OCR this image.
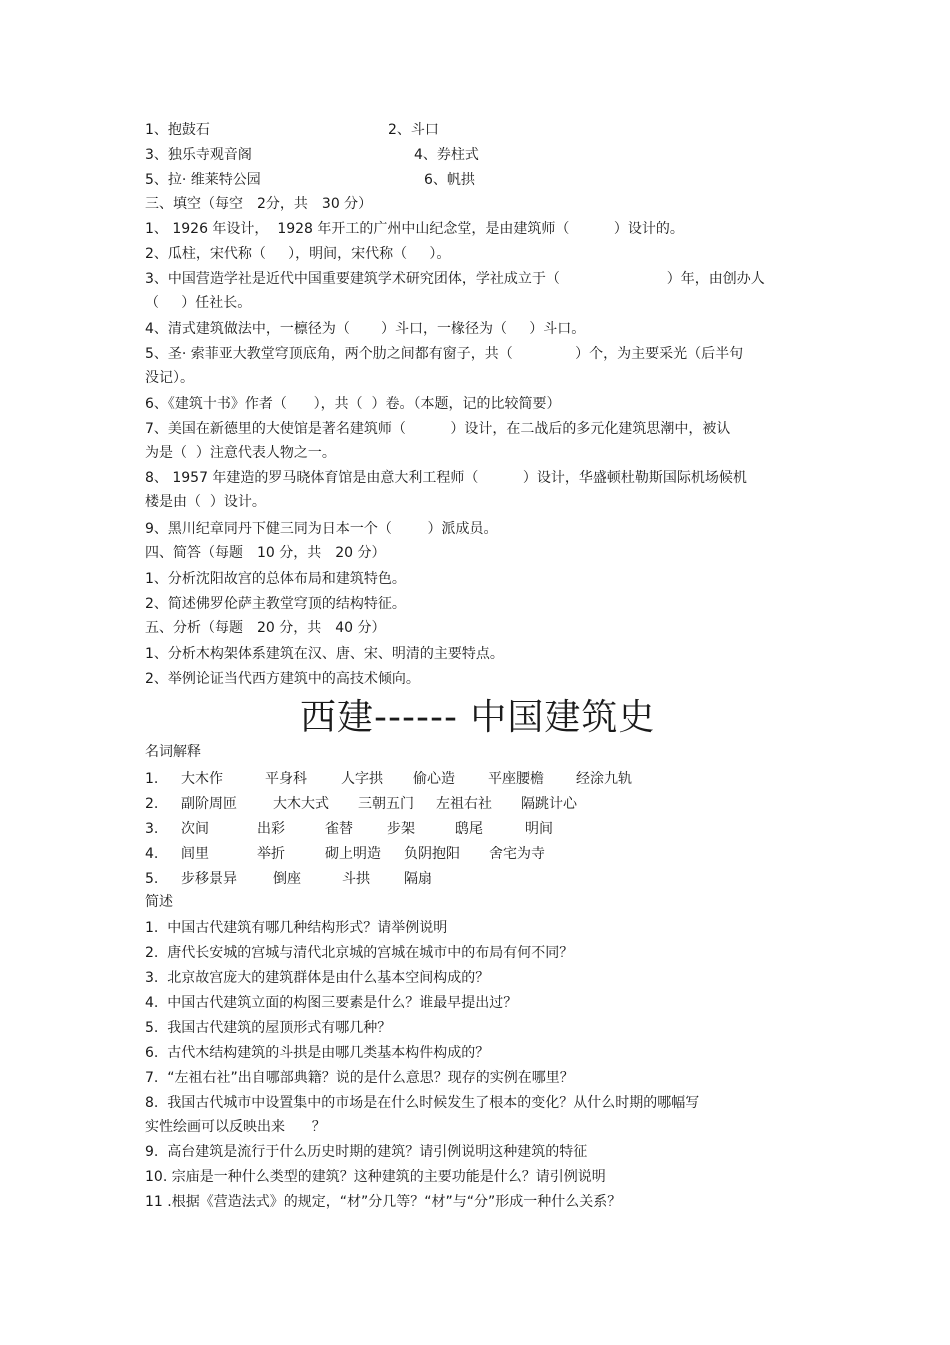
1、抱鼓石	2、斗口
3、独乐寺观音阁	4、券柱式
5、拉· 维莱特公园	6、帆拱
三、填空（每空　2分，共　30 分）
1、 1926 年设计，  1928 年开工的广州中山纪念堂，是由建筑师（          ）设计的。
2、瓜柱，宋代称（     ），明间，宋代称（     ）。
3、中国营造学社是近代中国重要建筑学术研究团体，学社成立于（                        ）年，由创办人
（     ）任社长。
4、清式建筑做法中，一檩径为（       ）斗口，一椽径为（     ）斗口。
5、圣· 索菲亚大教堂穹顶底角，两个肋之间都有窗子，共（              ）个，为主要采光（后半句
没记）。
6、《建筑十书》作者（      ），共（  ）卷。（本题，记的比较简要）
7、美国在新德里的大使馆是著名建筑师（          ）设计，在二战后的多元化建筑思潮中，被认
为是（  ）注意代表人物之一。
8、 1957 年建造的罗马晓体育馆是由意大利工程师（          ）设计，华盛顿杜勒斯国际机场候机
楼是由（  ）设计。
9、黑川纪章同丹下健三同为日本一个（        ）派成员。
四、简答（每题　10 分，共　20 分）
1、分析沈阳故宫的总体布局和建筑特色。
2、简述佛罗伦萨主教堂穹顶的结构特征。
五、分析（每题　20 分，共　40 分）
1、分析木构架体系建筑在汉、唐、宋、明清的主要特点。
2、举例论证当代西方建筑中的高技术倾向。
西建------ 中国建筑史
名词解释
1. 大木作	平身科 人字拱 偷心造 平座腰檐 经涂九轨
2. 副阶周匝	大木大式 三朝五门 左祖右社 隔跳计心
3. 次间	出彩	雀替 步架	鸱尾	明间
4. 闾里	举折	砌上明造 负阴抱阳 舍宅为寺
5. 步移景异	倒座	斗拱 隔扇
简述
1.  中国古代建筑有哪几种结构形式？请举例说明
2.  唐代长安城的宫城与清代北京城的宫城在城市中的布局有何不同？
3.  北京故宫庞大的建筑群体是由什么基本空间构成的？
4.  中国古代建筑立面的构图三要素是什么？谁最早提出过？
5.  我国古代建筑的屋顶形式有哪几种？
6.  古代木结构建筑的斗拱是由哪几类基本构件构成的？
7.  “左祖右社”出自哪部典籍？说的是什么意思？现存的实例在哪里？
8.  我国古代城市中设置集中的市场是在什么时候发生了根本的变化？从什么时期的哪幅写
实性绘画可以反映出来      ？
9.  高台建筑是流行于什么历史时期的建筑？请引例说明这种建筑的特征
10. 宗庙是一种什么类型的建筑？这种建筑的主要功能是什么？请引例说明
11 .根据《营造法式》的规定，“材”分几等？“材”与“分”形成一种什么关系？
